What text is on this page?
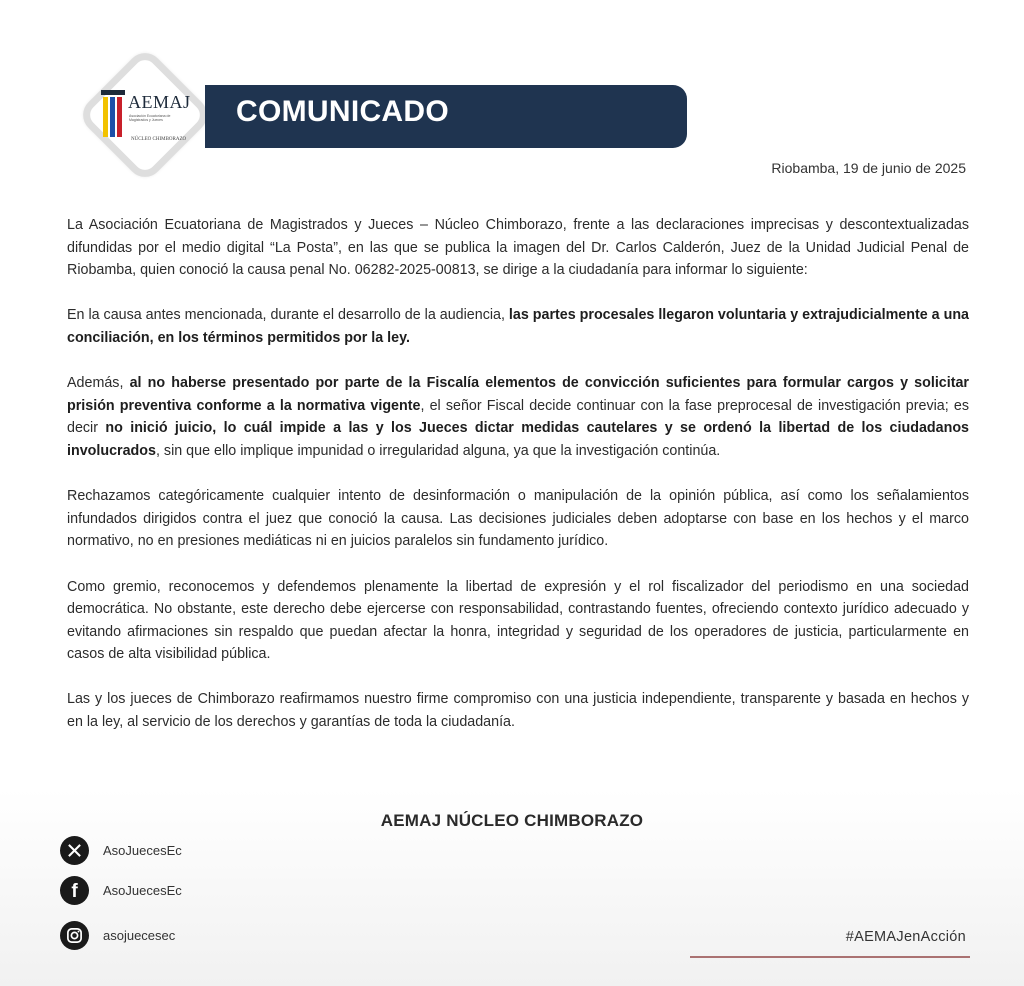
AEMAJ
Asociación Ecuatoriana de Magistrados y Jueces
NÚCLEO CHIMBORAZO
COMUNICADO
Riobamba, 19 de junio de 2025

La Asociación Ecuatoriana de Magistrados y Jueces – Núcleo Chimborazo, frente a las declaraciones imprecisas y descontextualizadas difundidas por el medio digital “La Posta”, en las que se publica la imagen del Dr. Carlos Calderón, Juez de la Unidad Judicial Penal de Riobamba, quien conoció la causa penal No. 06282-2025-00813, se dirige a la ciudadanía para informar lo siguiente:

En la causa antes mencionada, durante el desarrollo de la audiencia, las partes procesales llegaron voluntaria y extrajudicialmente a una conciliación, en los términos permitidos por la ley.

Además, al no haberse presentado por parte de la Fiscalía elementos de convicción suficientes para formular cargos y solicitar prisión preventiva conforme a la normativa vigente, el señor Fiscal decide continuar con la fase preprocesal de investigación previa; es decir no inició juicio, lo cuál impide a las y los Jueces dictar medidas cautelares y se ordenó la libertad de los ciudadanos involucrados, sin que ello implique impunidad o irregularidad alguna, ya que la investigación continúa.

Rechazamos categóricamente cualquier intento de desinformación o manipulación de la opinión pública, así como los señalamientos infundados dirigidos contra el juez que conoció la causa. Las decisiones judiciales deben adoptarse con base en los hechos y el marco normativo, no en presiones mediáticas ni en juicios paralelos sin fundamento jurídico.

Como gremio, reconocemos y defendemos plenamente la libertad de expresión y el rol fiscalizador del periodismo en una sociedad democrática. No obstante, este derecho debe ejercerse con responsabilidad, contrastando fuentes, ofreciendo contexto jurídico adecuado y evitando afirmaciones sin respaldo que puedan afectar la honra, integridad y seguridad de los operadores de justicia, particularmente en casos de alta visibilidad pública.

Las y los jueces de Chimborazo reafirmamos nuestro firme compromiso con una justicia independiente, transparente y basada en hechos y en la ley, al servicio de los derechos y garantías de toda la ciudadanía.

AEMAJ NÚCLEO CHIMBORAZO
AsoJuecesEc
f AsoJuecesEc
asojuecesec	#AEMAJenAcción
